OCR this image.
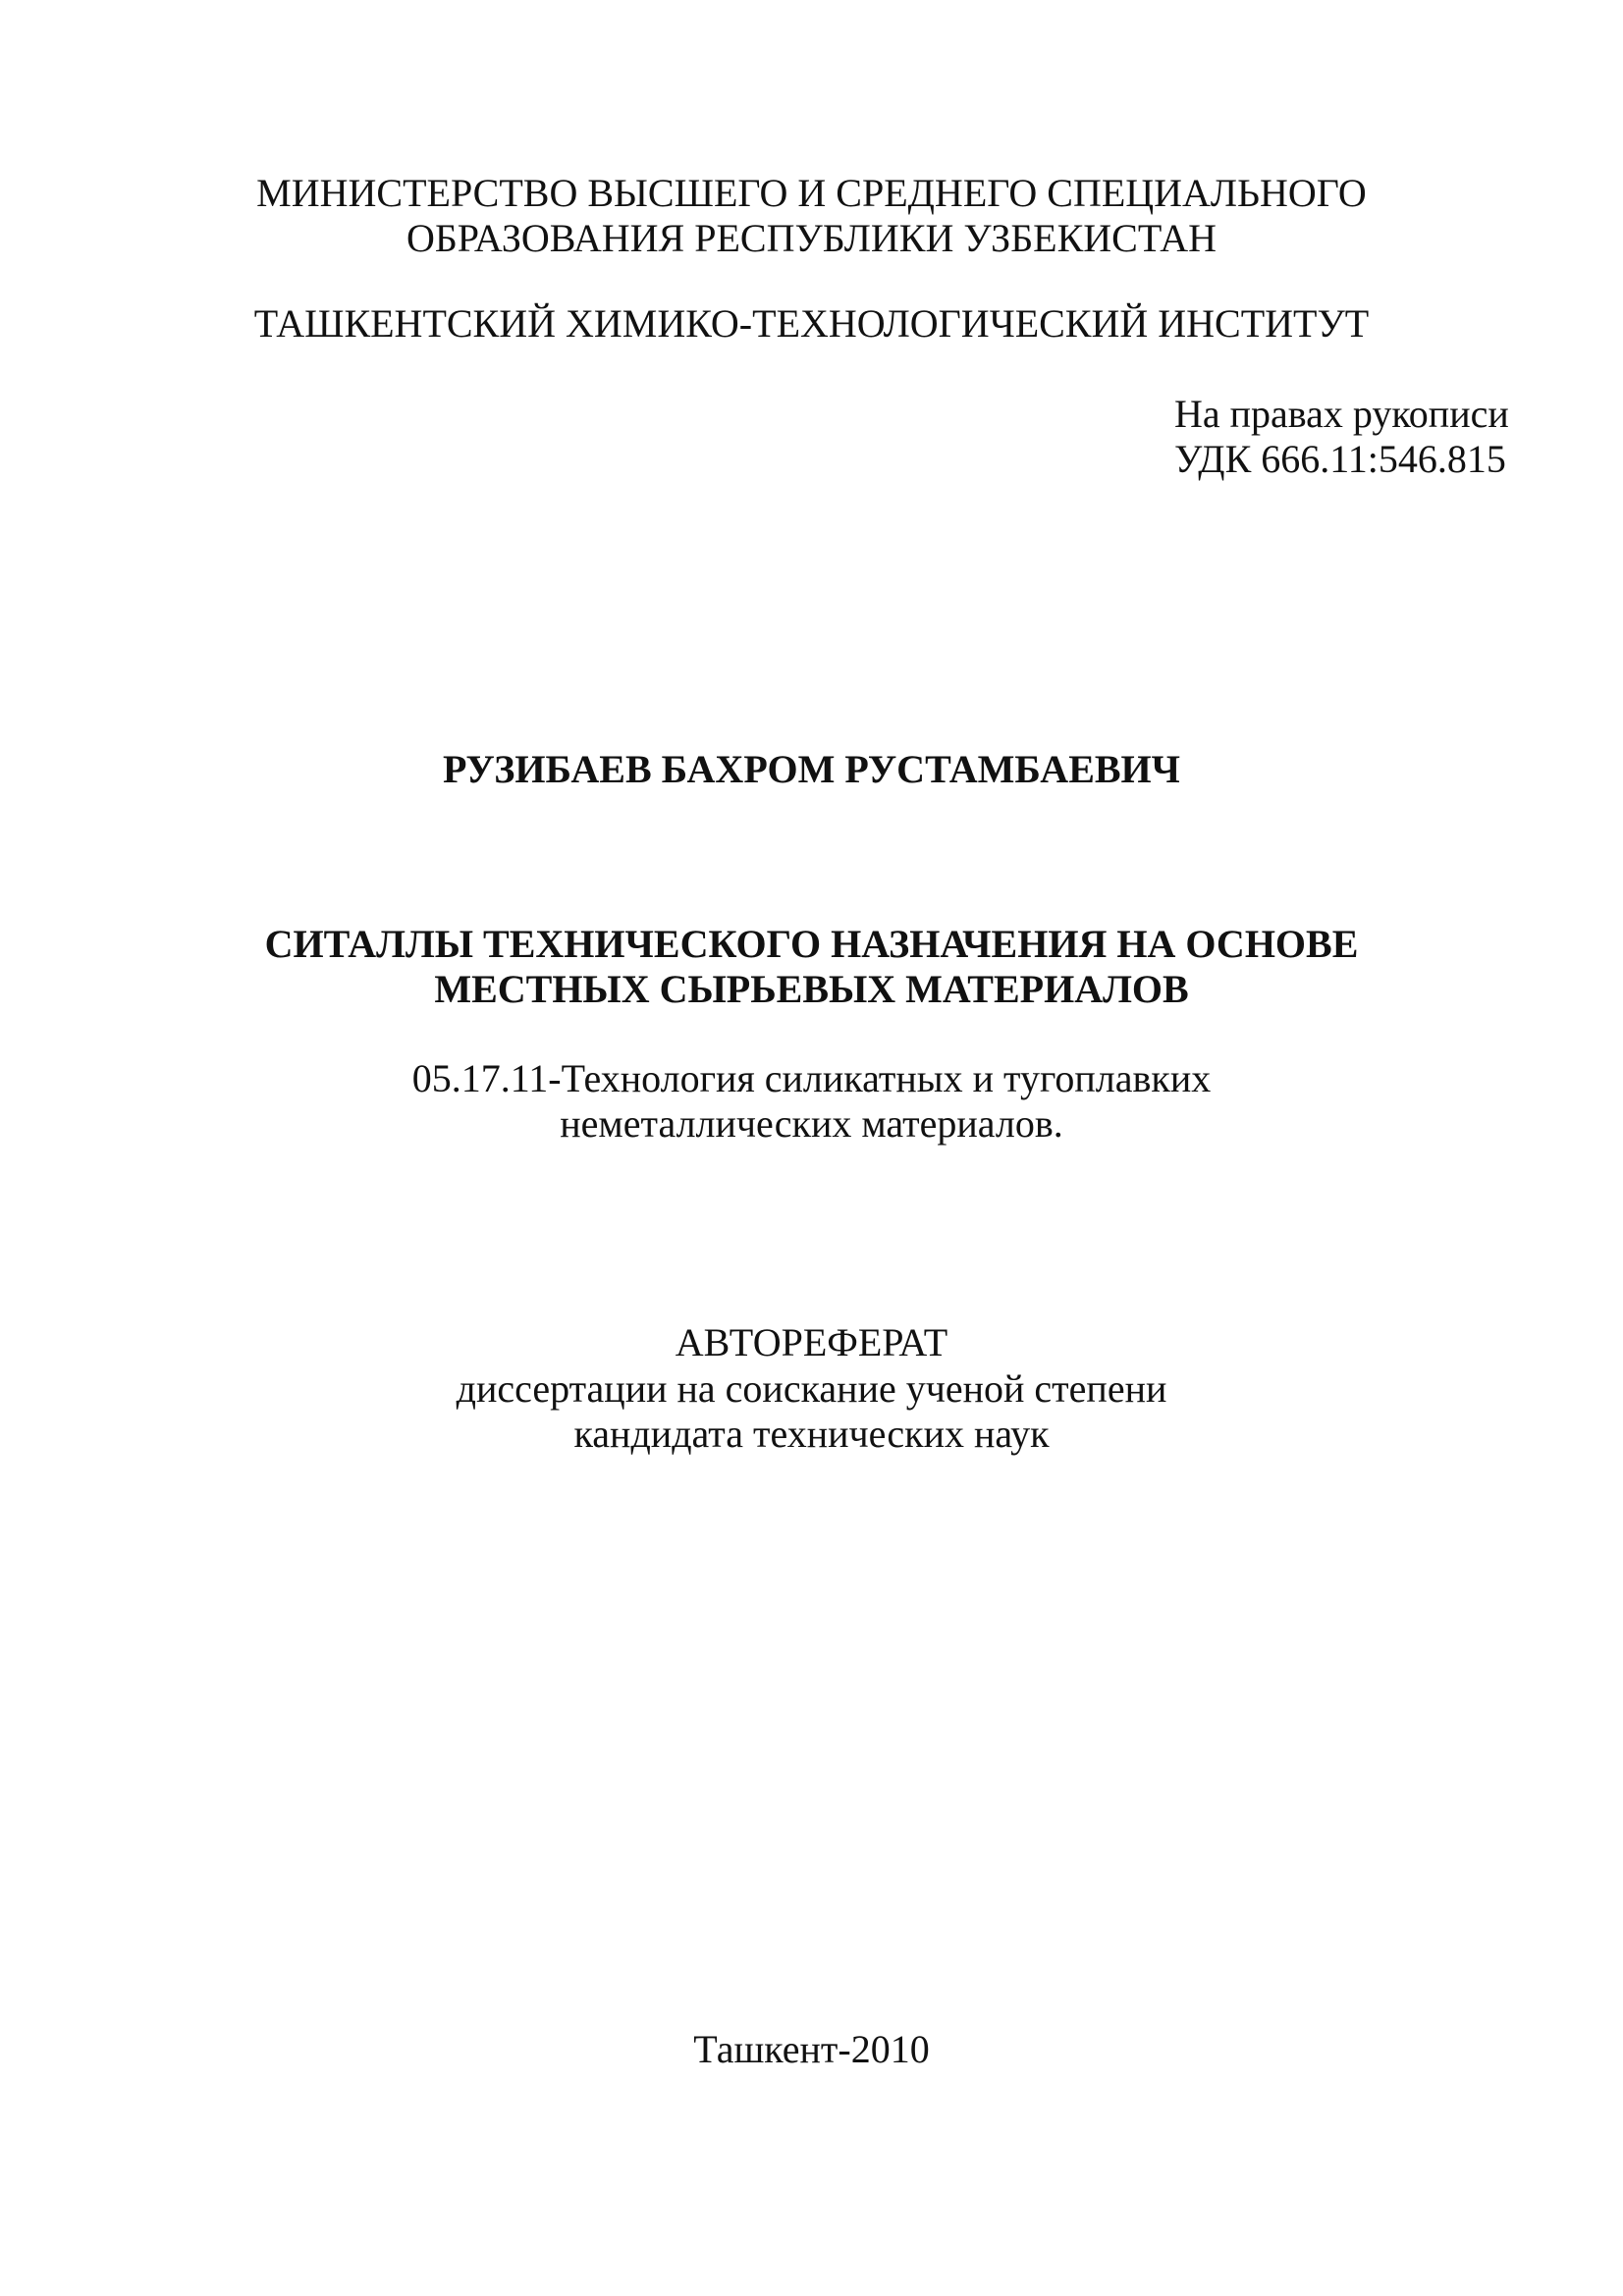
МИНИСТЕРСТВО ВЫСШЕГО И СРЕДНЕГО СПЕЦИАЛЬНОГО
ОБРАЗОВАНИЯ РЕСПУБЛИКИ УЗБЕКИСТАН
ТАШКЕНТСКИЙ ХИМИКО-ТЕХНОЛОГИЧЕСКИЙ ИНСТИТУТ
На правах рукописи
УДК 666.11:546.815
РУЗИБАЕВ БАХРОМ РУСТАМБАЕВИЧ
СИТАЛЛЫ ТЕХНИЧЕСКОГО НАЗНАЧЕНИЯ НА ОСНОВЕ
МЕСТНЫХ СЫРЬЕВЫХ МАТЕРИАЛОВ
05.17.11-Технология силикатных и тугоплавких
неметаллических материалов.
АВТОРЕФЕРАТ
диссертации на соискание ученой степени
кандидата технических наук
Ташкент-2010
